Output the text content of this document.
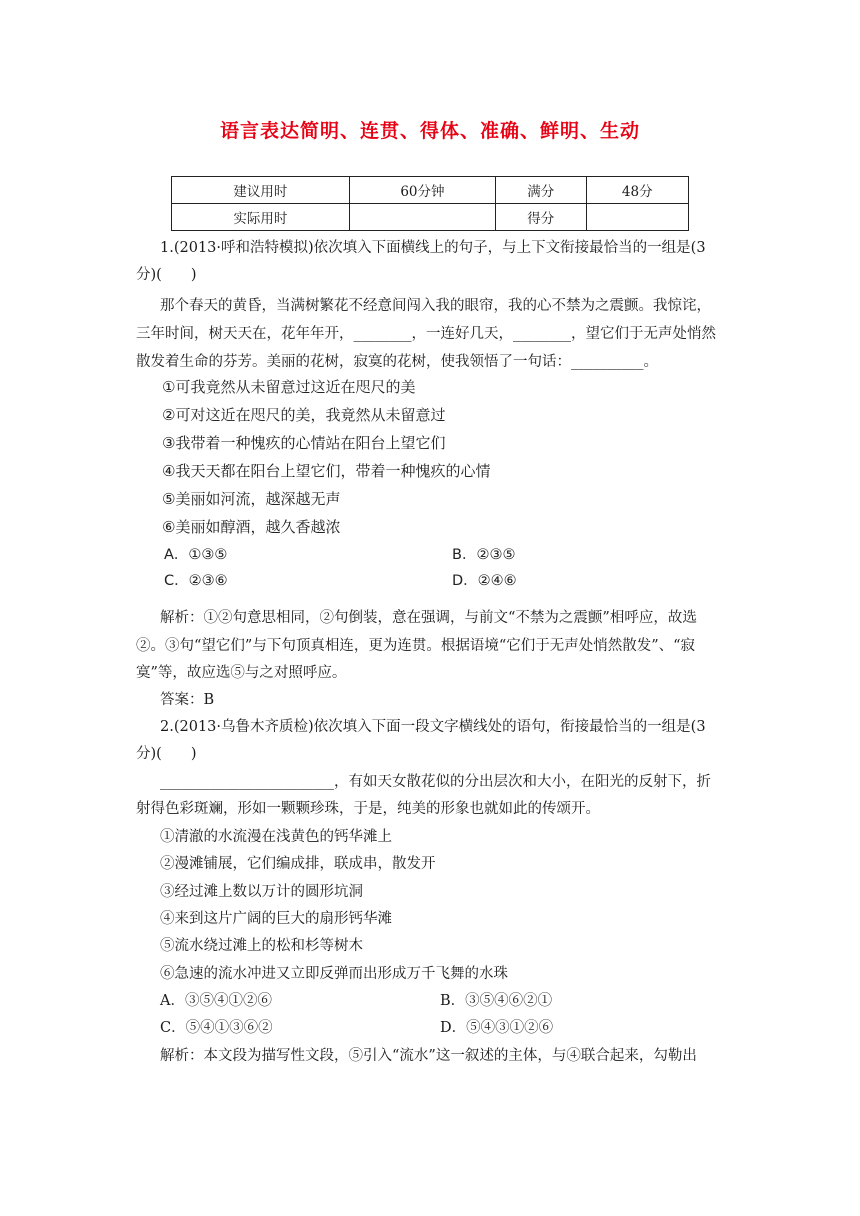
语言表达简明、连贯、得体、准确、鲜明、生动
建议用时	60分钟	满分	48分
实际用时		得分	
1.(2013·呼和浩特模拟)依次填入下面横线上的句子，与上下文衔接最恰当的一组是(3
分)(　　)
那个春天的黄昏，当满树繁花不经意间闯入我的眼帘，我的心不禁为之震颤。我惊诧，
三年时间，树天天在，花年年开，________，一连好几天，________，望它们于无声处悄然
散发着生命的芬芳。美丽的花树，寂寞的花树，使我领悟了一句话：__________。
①可我竟然从未留意过这近在咫尺的美
②可对这近在咫尺的美，我竟然从未留意过
③我带着一种愧疚的心情站在阳台上望它们
④我天天都在阳台上望它们，带着一种愧疚的心情
⑤美丽如河流，越深越无声
⑥美丽如醇酒，越久香越浓
A．①③⑤	B．②③⑤
C．②③⑥	D．②④⑥
解析：①②句意思相同，②句倒装，意在强调，与前文“不禁为之震颤”相呼应，故选
②。③句“望它们”与下句顶真相连，更为连贯。根据语境“它们于无声处悄然散发”、“寂
寞”等，故应选⑤与之对照呼应。
答案：B
2.(2013·乌鲁木齐质检)依次填入下面一段文字横线处的语句，衔接最恰当的一组是(3
分)(　　)
________________________，有如天女散花似的分出层次和大小，在阳光的反射下，折
射得色彩斑斓，形如一颗颗珍珠，于是，纯美的形象也就如此的传颂开。
①清澈的水流漫在浅黄色的钙华滩上
②漫滩铺展，它们编成排，联成串，散发开
③经过滩上数以万计的圆形坑洞
④来到这片广阔的巨大的扇形钙华滩
⑤流水绕过滩上的松和杉等树木
⑥急速的流水冲进又立即反弹而出形成万千飞舞的水珠
A．③⑤④①②⑥	B．③⑤④⑥②①
C．⑤④①③⑥②	D．⑤④③①②⑥
解析：本文段为描写性文段，⑤引入“流水”这一叙述的主体，与④联合起来，勾勒出
